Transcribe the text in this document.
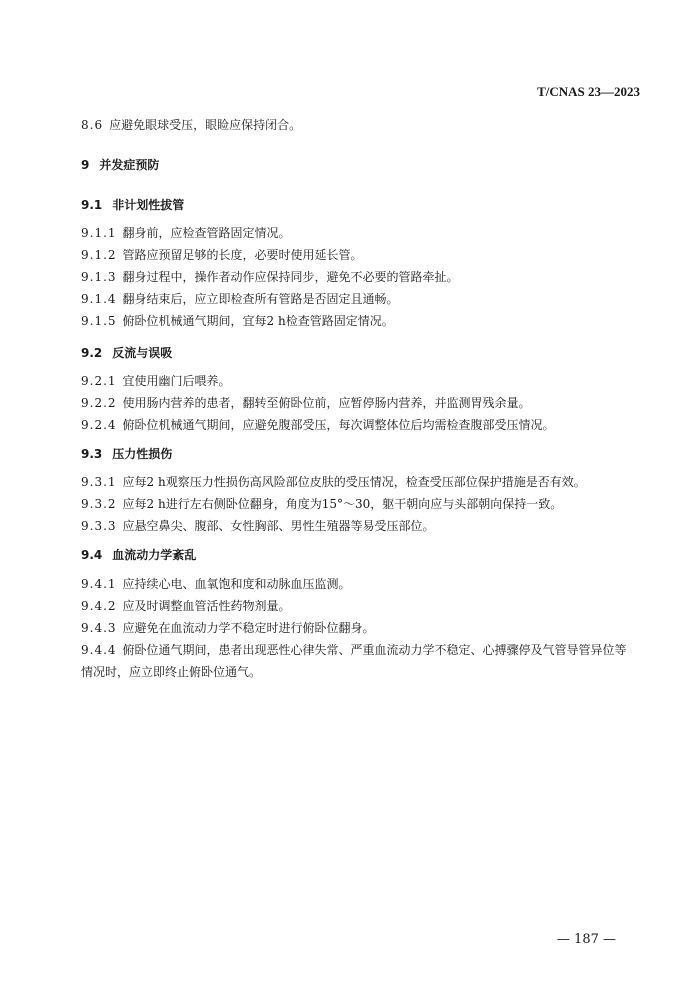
T/CNAS 23—2023
8.6 应避免眼球受压，眼睑应保持闭合。
9 并发症预防
9.1 非计划性拔管
9.1.1 翻身前，应检查管路固定情况。
9.1.2 管路应预留足够的长度，必要时使用延长管。
9.1.3 翻身过程中，操作者动作应保持同步，避免不必要的管路牵扯。
9.1.4 翻身结束后，应立即检查所有管路是否固定且通畅。
9.1.5 俯卧位机械通气期间，宜每2 h检查管路固定情况。
9.2 反流与误吸
9.2.1 宜使用幽门后喂养。
9.2.2 使用肠内营养的患者，翻转至俯卧位前，应暂停肠内营养，并监测胃残余量。
9.2.4 俯卧位机械通气期间，应避免腹部受压，每次调整体位后均需检查腹部受压情况。
9.3 压力性损伤
9.3.1 应每2 h观察压力性损伤高风险部位皮肤的受压情况，检查受压部位保护措施是否有效。
9.3.2 应每2 h进行左右侧卧位翻身，角度为15°～30，躯干朝向应与头部朝向保持一致。
9.3.3 应悬空鼻尖、腹部、女性胸部、男性生殖器等易受压部位。
9.4 血流动力学紊乱
9.4.1 应持续心电、血氧饱和度和动脉血压监测。
9.4.2 应及时调整血管活性药物剂量。
9.4.3 应避免在血流动力学不稳定时进行俯卧位翻身。
9.4.4 俯卧位通气期间，患者出现恶性心律失常、严重血流动力学不稳定、心搏骤停及气管导管异位等
情况时，应立即终止俯卧位通气。
— 187 —
